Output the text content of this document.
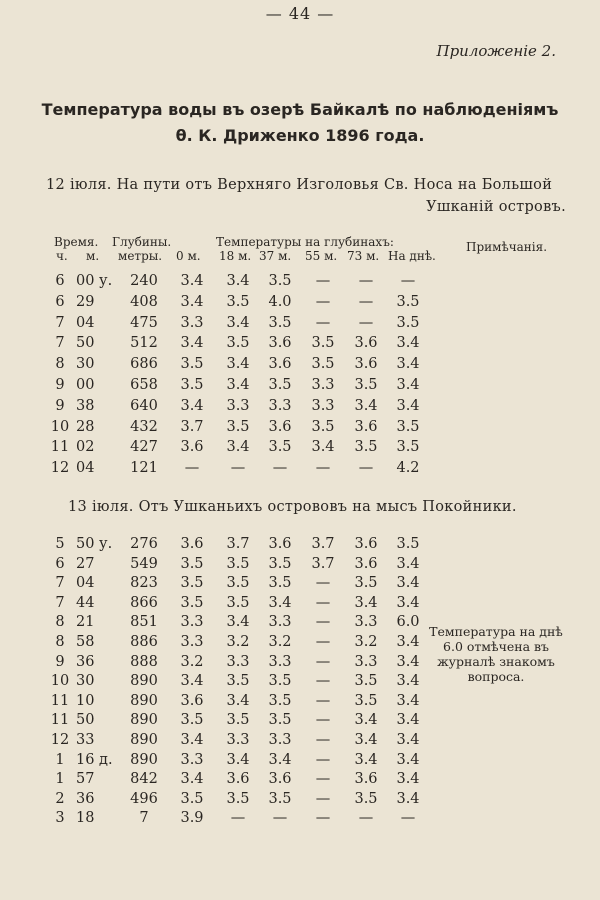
— 44 —
Приложенiе 2.
Температура воды въ озерѣ Байкалѣ по наблюденiямъ
θ. К. Дриженко 1896 года.
12 iюля. На пути отъ Верхняго Изголовья Св. Носа на Большой
Ушканiй островъ.
Время.
ч. м.
Глубины.
метры.
Температуры на глубинахъ:
0 м. 18 м. 37 м. 55 м. 73 м. На днѣ.
Примѣчанiя.
6 00 у. 240 3.4 3.4 3.5 — — —
6 29 408 3.4 3.5 4.0 — — 3.5
7 04 475 3.3 3.4 3.5 — — 3.5
7 50 512 3.4 3.5 3.6 3.5 3.6 3.4
8 30 686 3.5 3.4 3.6 3.5 3.6 3.4
9 00 658 3.5 3.4 3.5 3.3 3.5 3.4
9 38 640 3.4 3.3 3.3 3.3 3.4 3.4
10 28 432 3.7 3.5 3.6 3.5 3.6 3.5
11 02 427 3.6 3.4 3.5 3.4 3.5 3.5
12 04 121 — — — — — 4.2
13 iюля. Отъ Ушканьихъ острововъ на мысъ Покойники.
5 50 у. 276 3.6 3.7 3.6 3.7 3.6 3.5
6 27 549 3.5 3.5 3.5 3.7 3.6 3.4
7 04 823 3.5 3.5 3.5 — 3.5 3.4
7 44 866 3.5 3.5 3.4 — 3.4 3.4
8 21 851 3.3 3.4 3.3 — 3.3 6.0
8 58 886 3.3 3.2 3.2 — 3.2 3.4
9 36 888 3.2 3.3 3.3 — 3.3 3.4
10 30 890 3.4 3.5 3.5 — 3.5 3.4
11 10 890 3.6 3.4 3.5 — 3.5 3.4
11 50 890 3.5 3.5 3.5 — 3.4 3.4
12 33 890 3.4 3.3 3.3 — 3.4 3.4
1 16 д. 890 3.3 3.4 3.4 — 3.4 3.4
1 57 842 3.4 3.6 3.6 — 3.6 3.4
2 36 496 3.5 3.5 3.5 — 3.5 3.4
3 18	7 3.9 — — — — —
Температура на днѣ 6.0 отмѣчена въ журналѣ знакомъ вопроса.
